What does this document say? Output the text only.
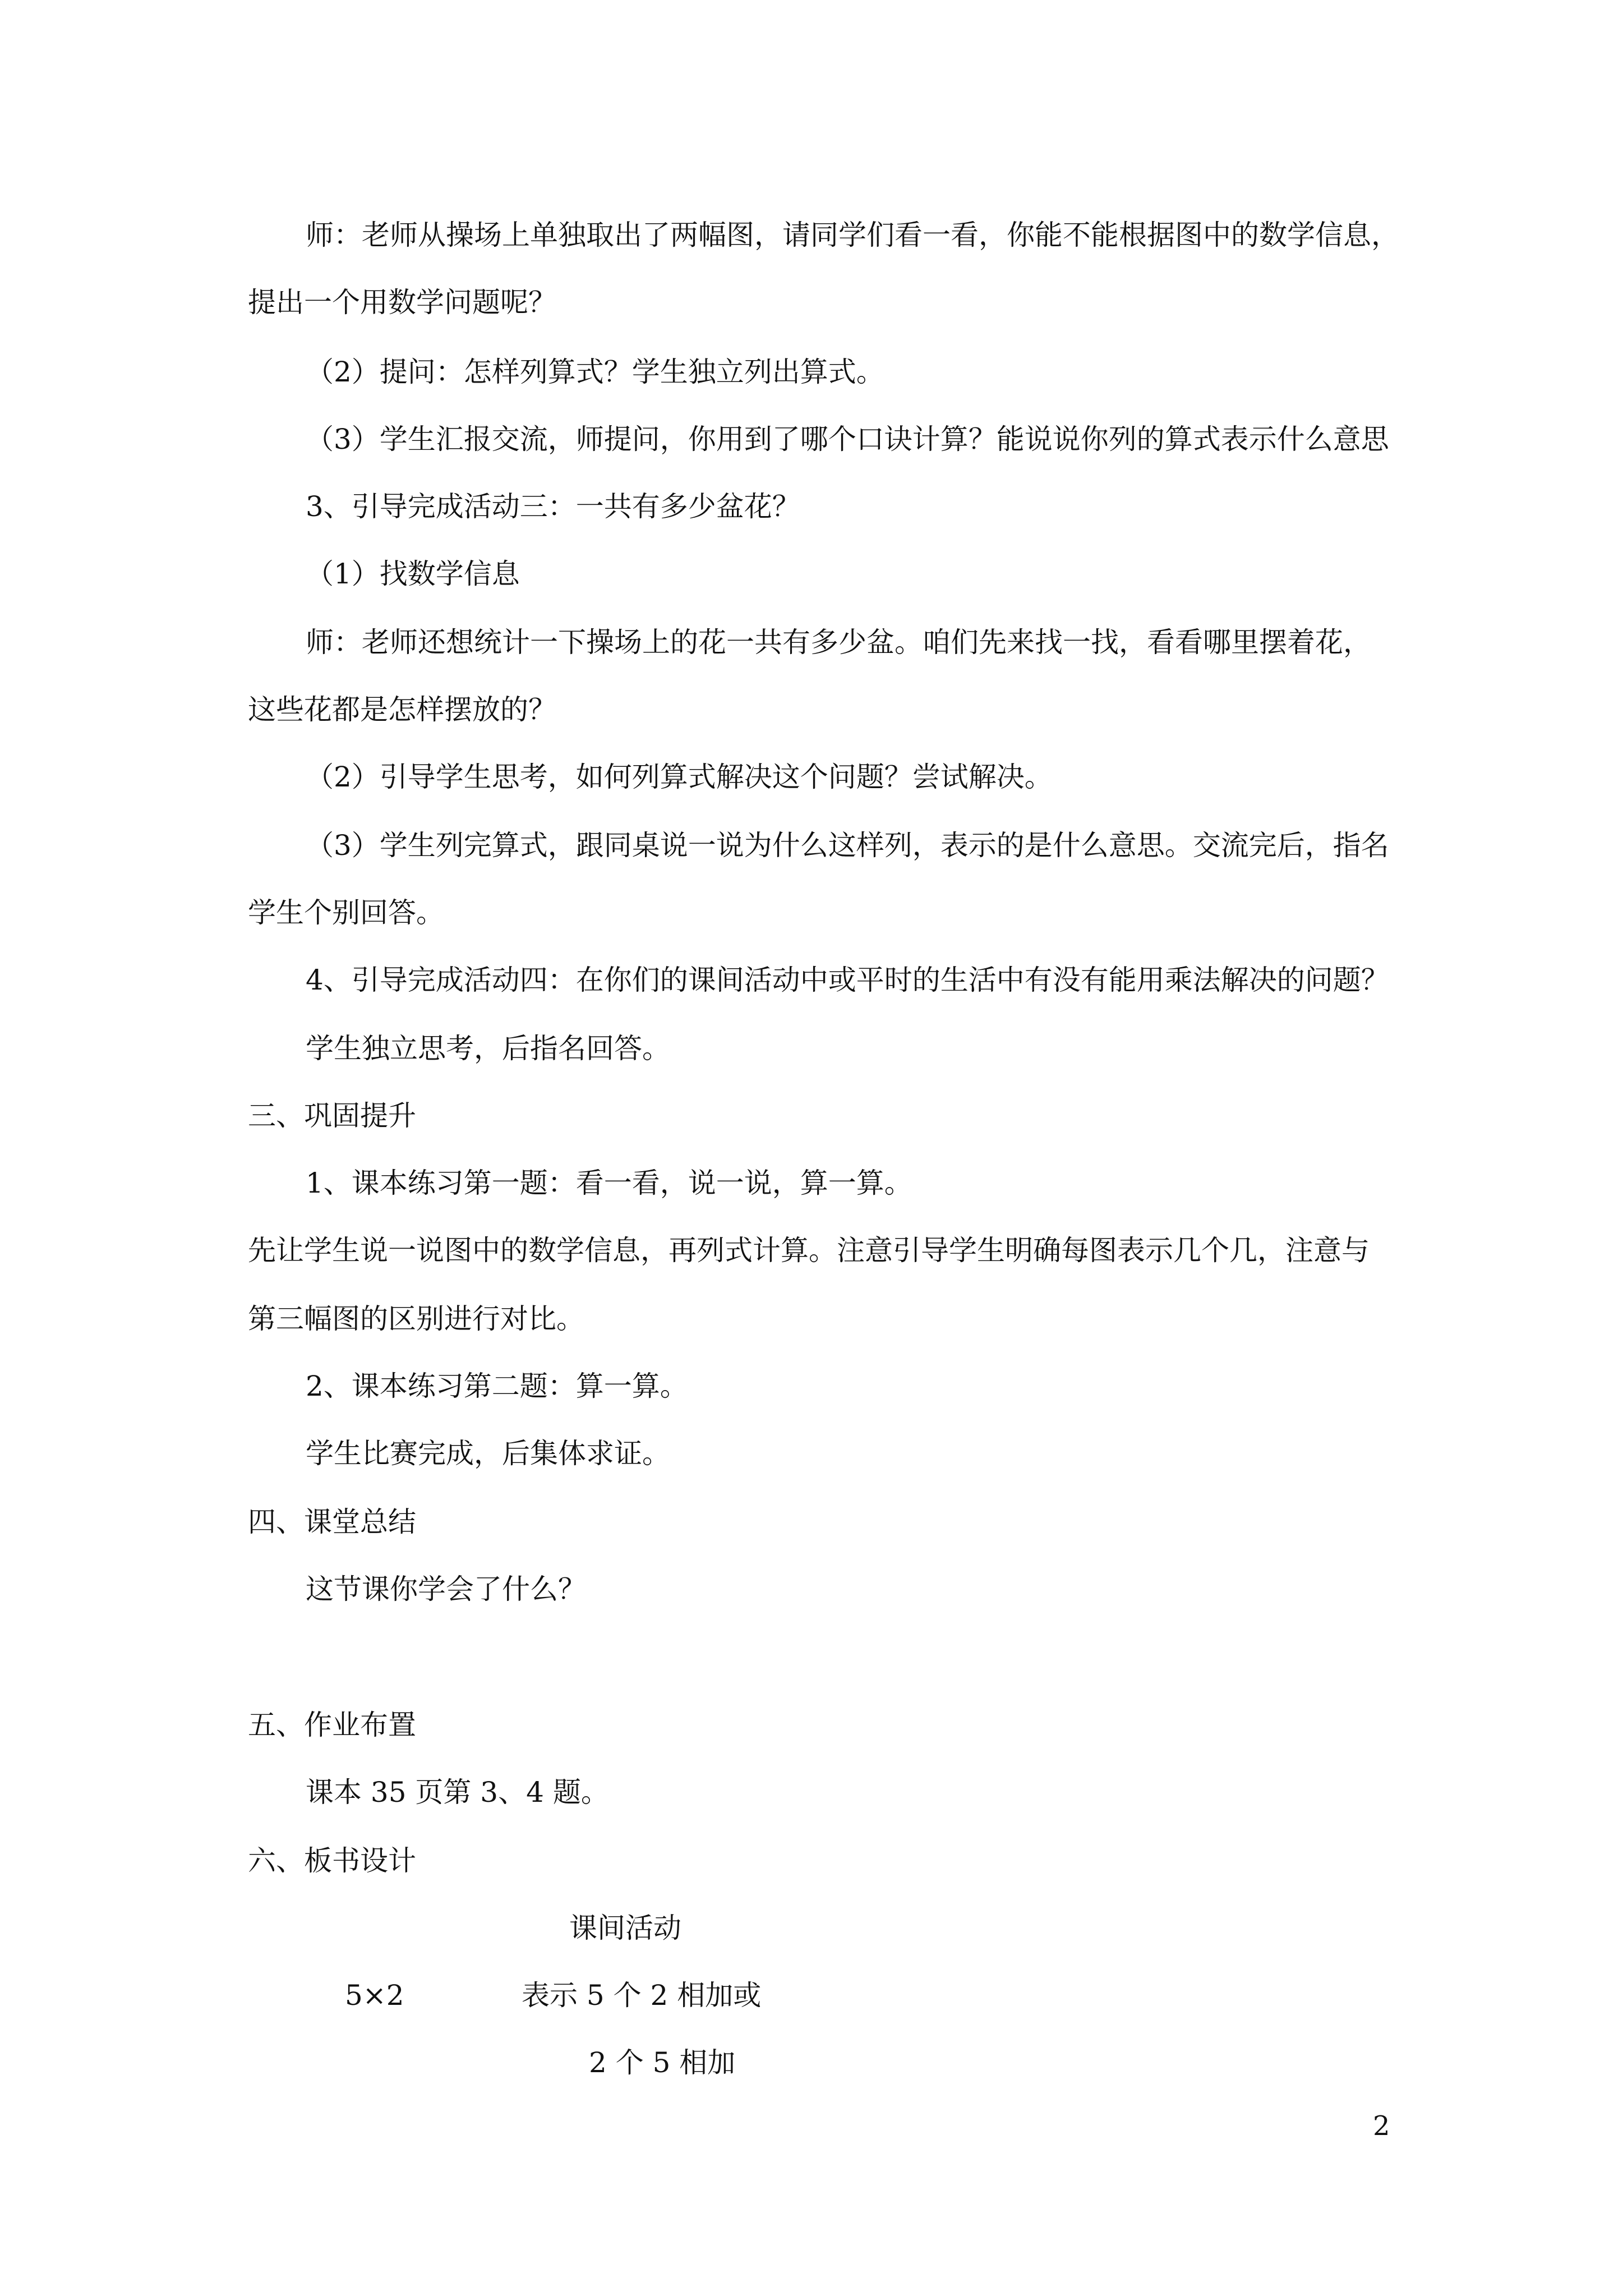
师：老师从操场上单独取出了两幅图，请同学们看一看，你能不能根据图中的数学信息，

提出一个用数学问题呢？

（2）提问：怎样列算式？学生独立列出算式。

（3）学生汇报交流，师提问，你用到了哪个口诀计算？能说说你列的算式表示什么意思

3、引导完成活动三：一共有多少盆花？

（1）找数学信息

师：老师还想统计一下操场上的花一共有多少盆。咱们先来找一找，看看哪里摆着花，

这些花都是怎样摆放的？

（2）引导学生思考，如何列算式解决这个问题？尝试解决。

（3）学生列完算式，跟同桌说一说为什么这样列，表示的是什么意思。交流完后，指名

学生个别回答。

4、引导完成活动四：在你们的课间活动中或平时的生活中有没有能用乘法解决的问题？

学生独立思考，后指名回答。

三、巩固提升

1、课本练习第一题：看一看，说一说，算一算。

先让学生说一说图中的数学信息，再列式计算。注意引导学生明确每图表示几个几，注意与

第三幅图的区别进行对比。

2、课本练习第二题：算一算。

学生比赛完成，后集体求证。

四、课堂总结

这节课你学会了什么？

五、作业布置

课本 35 页第 3、4 题。

六、板书设计

课间活动

5×2	表示 5 个 2 相加或

2 个 5 相加

2
